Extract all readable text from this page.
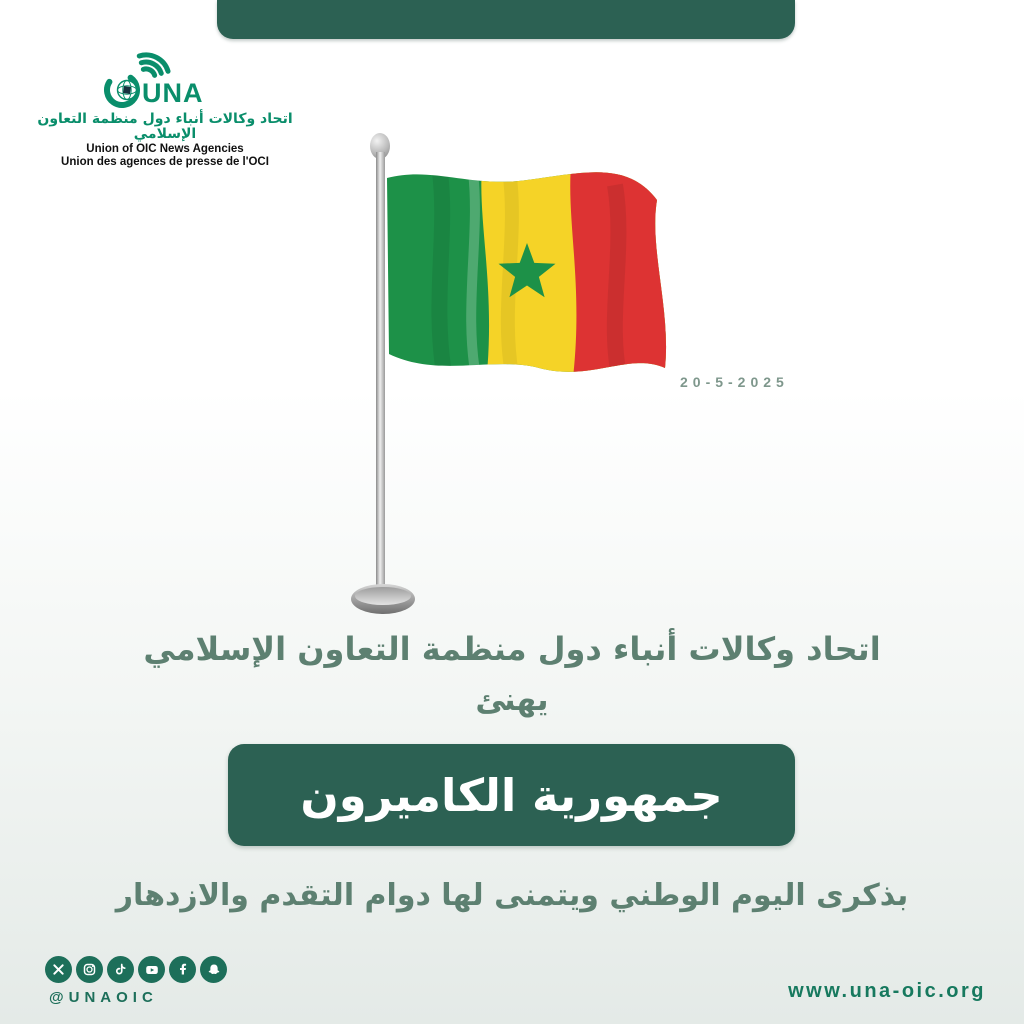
UNA
اتحاد وكالات أنباء دول منظمة التعاون الإسلامي
Union of OIC News Agencies
Union des agences de presse de l'OCI
20-5-2025
اتحاد وكالات أنباء دول منظمة التعاون الإسلامي
يهنئ
جمهورية الكاميرون
بذكرى اليوم الوطني ويتمنى لها دوام التقدم والازدهار
@UNAOIC	www.una-oic.org
